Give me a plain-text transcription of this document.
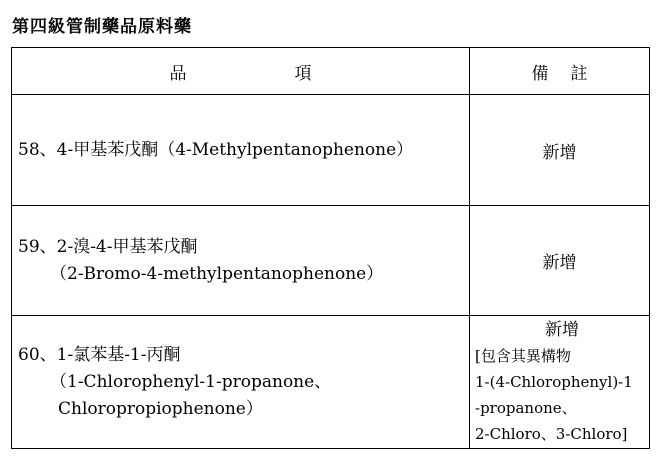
第四級管制藥品原料藥
品 項	備 註

58、4-甲基苯戊酮（4-Methylpentanophenone）	新增

59、2-溴-4-甲基苯戊酮
（2-Bromo-4-methylpentanophenone）	新增

60、1-氯苯基-1-丙酮
（1-Chlorophenyl-1-propanone、
Chloropropiophenone）	新增
[包含其異構物
1-(4-Chlorophenyl)-1
-propanone、
2-Chloro、3-Chloro]
